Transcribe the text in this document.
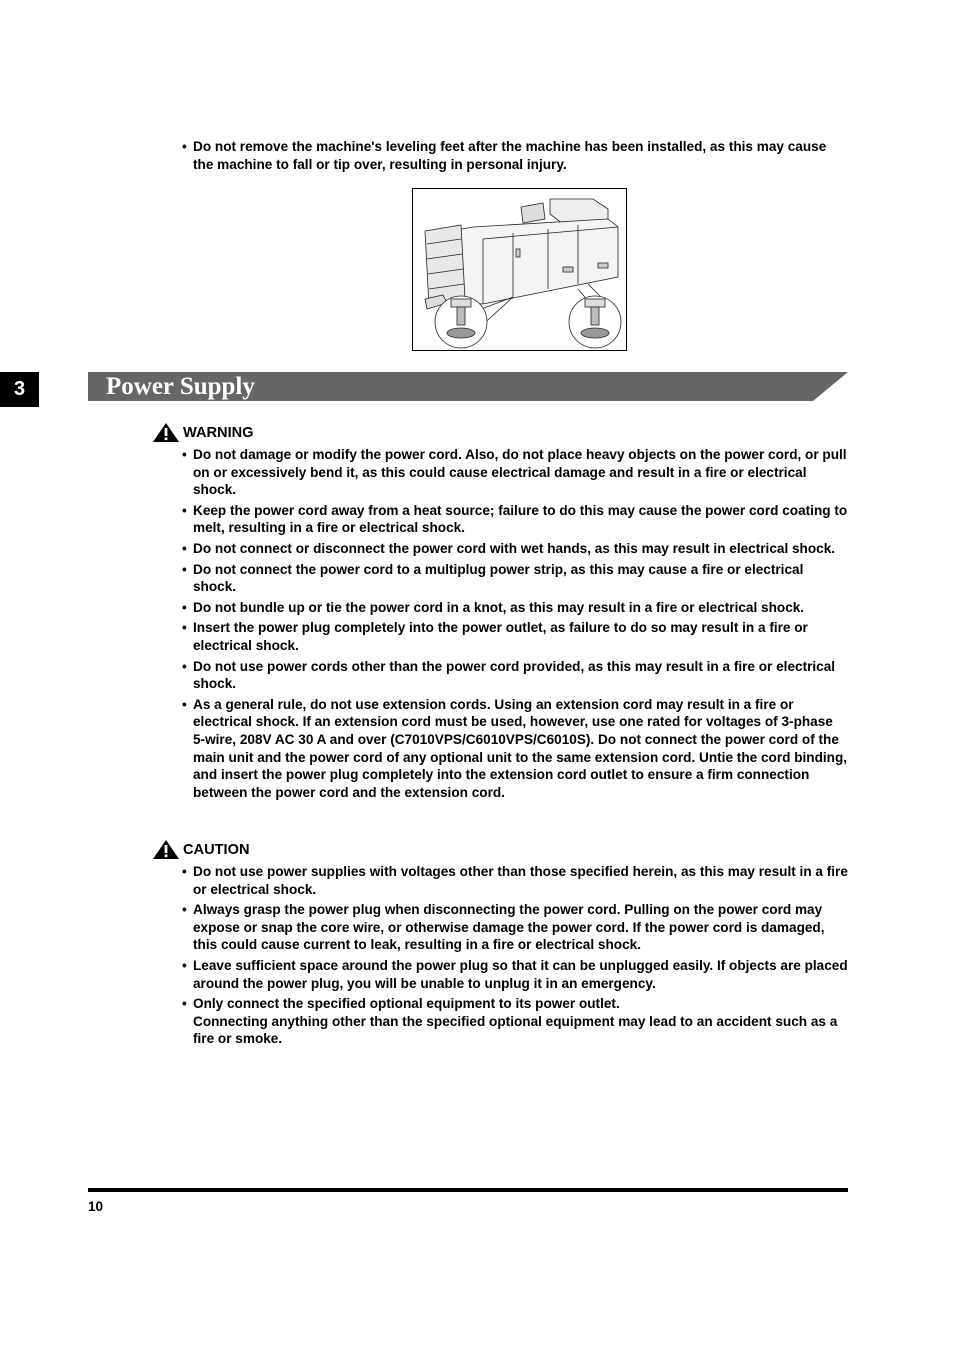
• Do not remove the machine's leveling feet after the machine has been installed, as this may cause the machine to fall or tip over, resulting in personal injury.
3	Power Supply
WARNING
• Do not damage or modify the power cord. Also, do not place heavy objects on the power cord, or pull on or excessively bend it, as this could cause electrical damage and result in a fire or electrical shock.
• Keep the power cord away from a heat source; failure to do this may cause the power cord coating to melt, resulting in a fire or electrical shock.
• Do not connect or disconnect the power cord with wet hands, as this may result in electrical shock.
• Do not connect the power cord to a multiplug power strip, as this may cause a fire or electrical shock.
• Do not bundle up or tie the power cord in a knot, as this may result in a fire or electrical shock.
• Insert the power plug completely into the power outlet, as failure to do so may result in a fire or electrical shock.
• Do not use power cords other than the power cord provided, as this may result in a fire or electrical shock.
• As a general rule, do not use extension cords. Using an extension cord may result in a fire or electrical shock. If an extension cord must be used, however, use one rated for voltages of 3-phase 5-wire, 208V AC 30 A and over (C7010VPS/C6010VPS/C6010S). Do not connect the power cord of the main unit and the power cord of any optional unit to the same extension cord. Untie the cord binding, and insert the power plug completely into the extension cord outlet to ensure a firm connection between the power cord and the extension cord.
CAUTION
• Do not use power supplies with voltages other than those specified herein, as this may result in a fire or electrical shock.
• Always grasp the power plug when disconnecting the power cord. Pulling on the power cord may expose or snap the core wire, or otherwise damage the power cord. If the power cord is damaged, this could cause current to leak, resulting in a fire or electrical shock.
• Leave sufficient space around the power plug so that it can be unplugged easily. If objects are placed around the power plug, you will be unable to unplug it in an emergency.
• Only connect the specified optional equipment to its power outlet.
Connecting anything other than the specified optional equipment may lead to an accident such as a fire or smoke.
10
